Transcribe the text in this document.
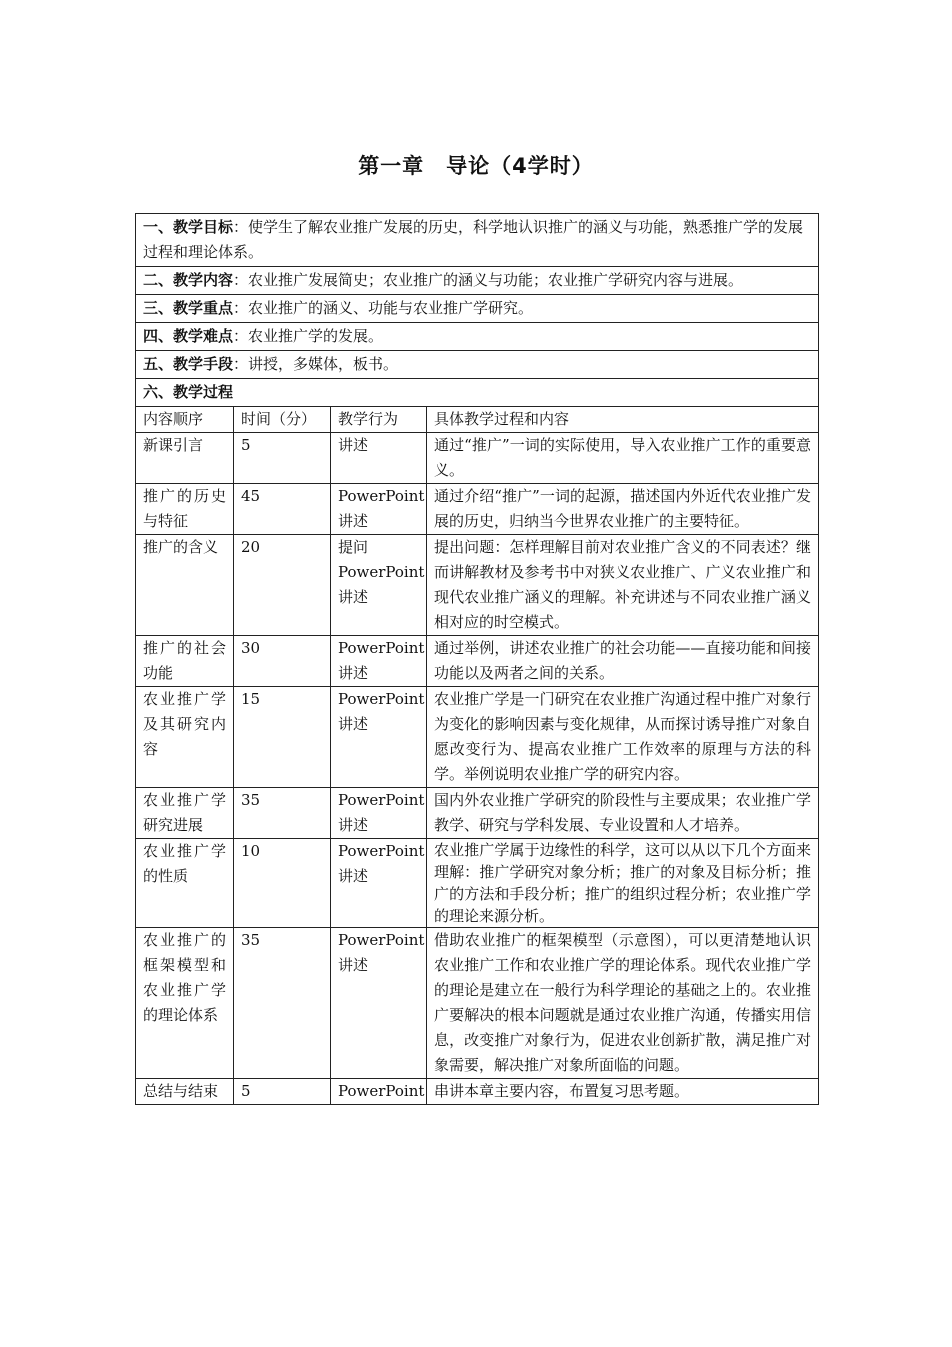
第一章　导论（4学时）
一、教学目标：使学生了解农业推广发展的历史，科学地认识推广的涵义与功能，熟悉推广学的发展过程和理论体系。			
二、教学内容：农业推广发展简史；农业推广的涵义与功能；农业推广学研究内容与进展。			
三、教学重点：农业推广的涵义、功能与农业推广学研究。			
四、教学难点：农业推广学的发展。			
五、教学手段：讲授，多媒体，板书。			
六、教学过程			
内容顺序	时间（分）	教学行为	具体教学过程和内容
新课引言	5	讲述	通过“推广”一词的实际使用，导入农业推广工作的重要意义。
推广的历史与特征	45	PowerPoint 讲述	通过介绍“推广”一词的起源，描述国内外近代农业推广发展的历史，归纳当今世界农业推广的主要特征。
推广的含义	20	提问 PowerPoint 讲述	提出问题：怎样理解目前对农业推广含义的不同表述？继而讲解教材及参考书中对狭义农业推广、广义农业推广和现代农业推广涵义的理解。补充讲述与不同农业推广涵义相对应的时空模式。
推广的社会功能	30	PowerPoint 讲述	通过举例，讲述农业推广的社会功能——直接功能和间接功能以及两者之间的关系。
农业推广学及其研究内容	15	PowerPoint 讲述	农业推广学是一门研究在农业推广沟通过程中推广对象行为变化的影响因素与变化规律，从而探讨诱导推广对象自愿改变行为、提高农业推广工作效率的原理与方法的科学。举例说明农业推广学的研究内容。
农业推广学研究进展	35	PowerPoint 讲述	国内外农业推广学研究的阶段性与主要成果；农业推广学教学、研究与学科发展、专业设置和人才培养。
农业推广学的性质	10	PowerPoint 讲述	农业推广学属于边缘性的科学，这可以从以下几个方面来理解：推广学研究对象分析；推广的对象及目标分析；推广的方法和手段分析；推广的组织过程分析；农业推广学的理论来源分析。
农业推广的框架模型和农业推广学的理论体系	35	PowerPoint 讲述	借助农业推广的框架模型（示意图），可以更清楚地认识农业推广工作和农业推广学的理论体系。现代农业推广学的理论是建立在一般行为科学理论的基础之上的。农业推广要解决的根本问题就是通过农业推广沟通，传播实用信息，改变推广对象行为，促进农业创新扩散，满足推广对象需要，解决推广对象所面临的问题。
总结与结束	5	PowerPoint	串讲本章主要内容，布置复习思考题。
